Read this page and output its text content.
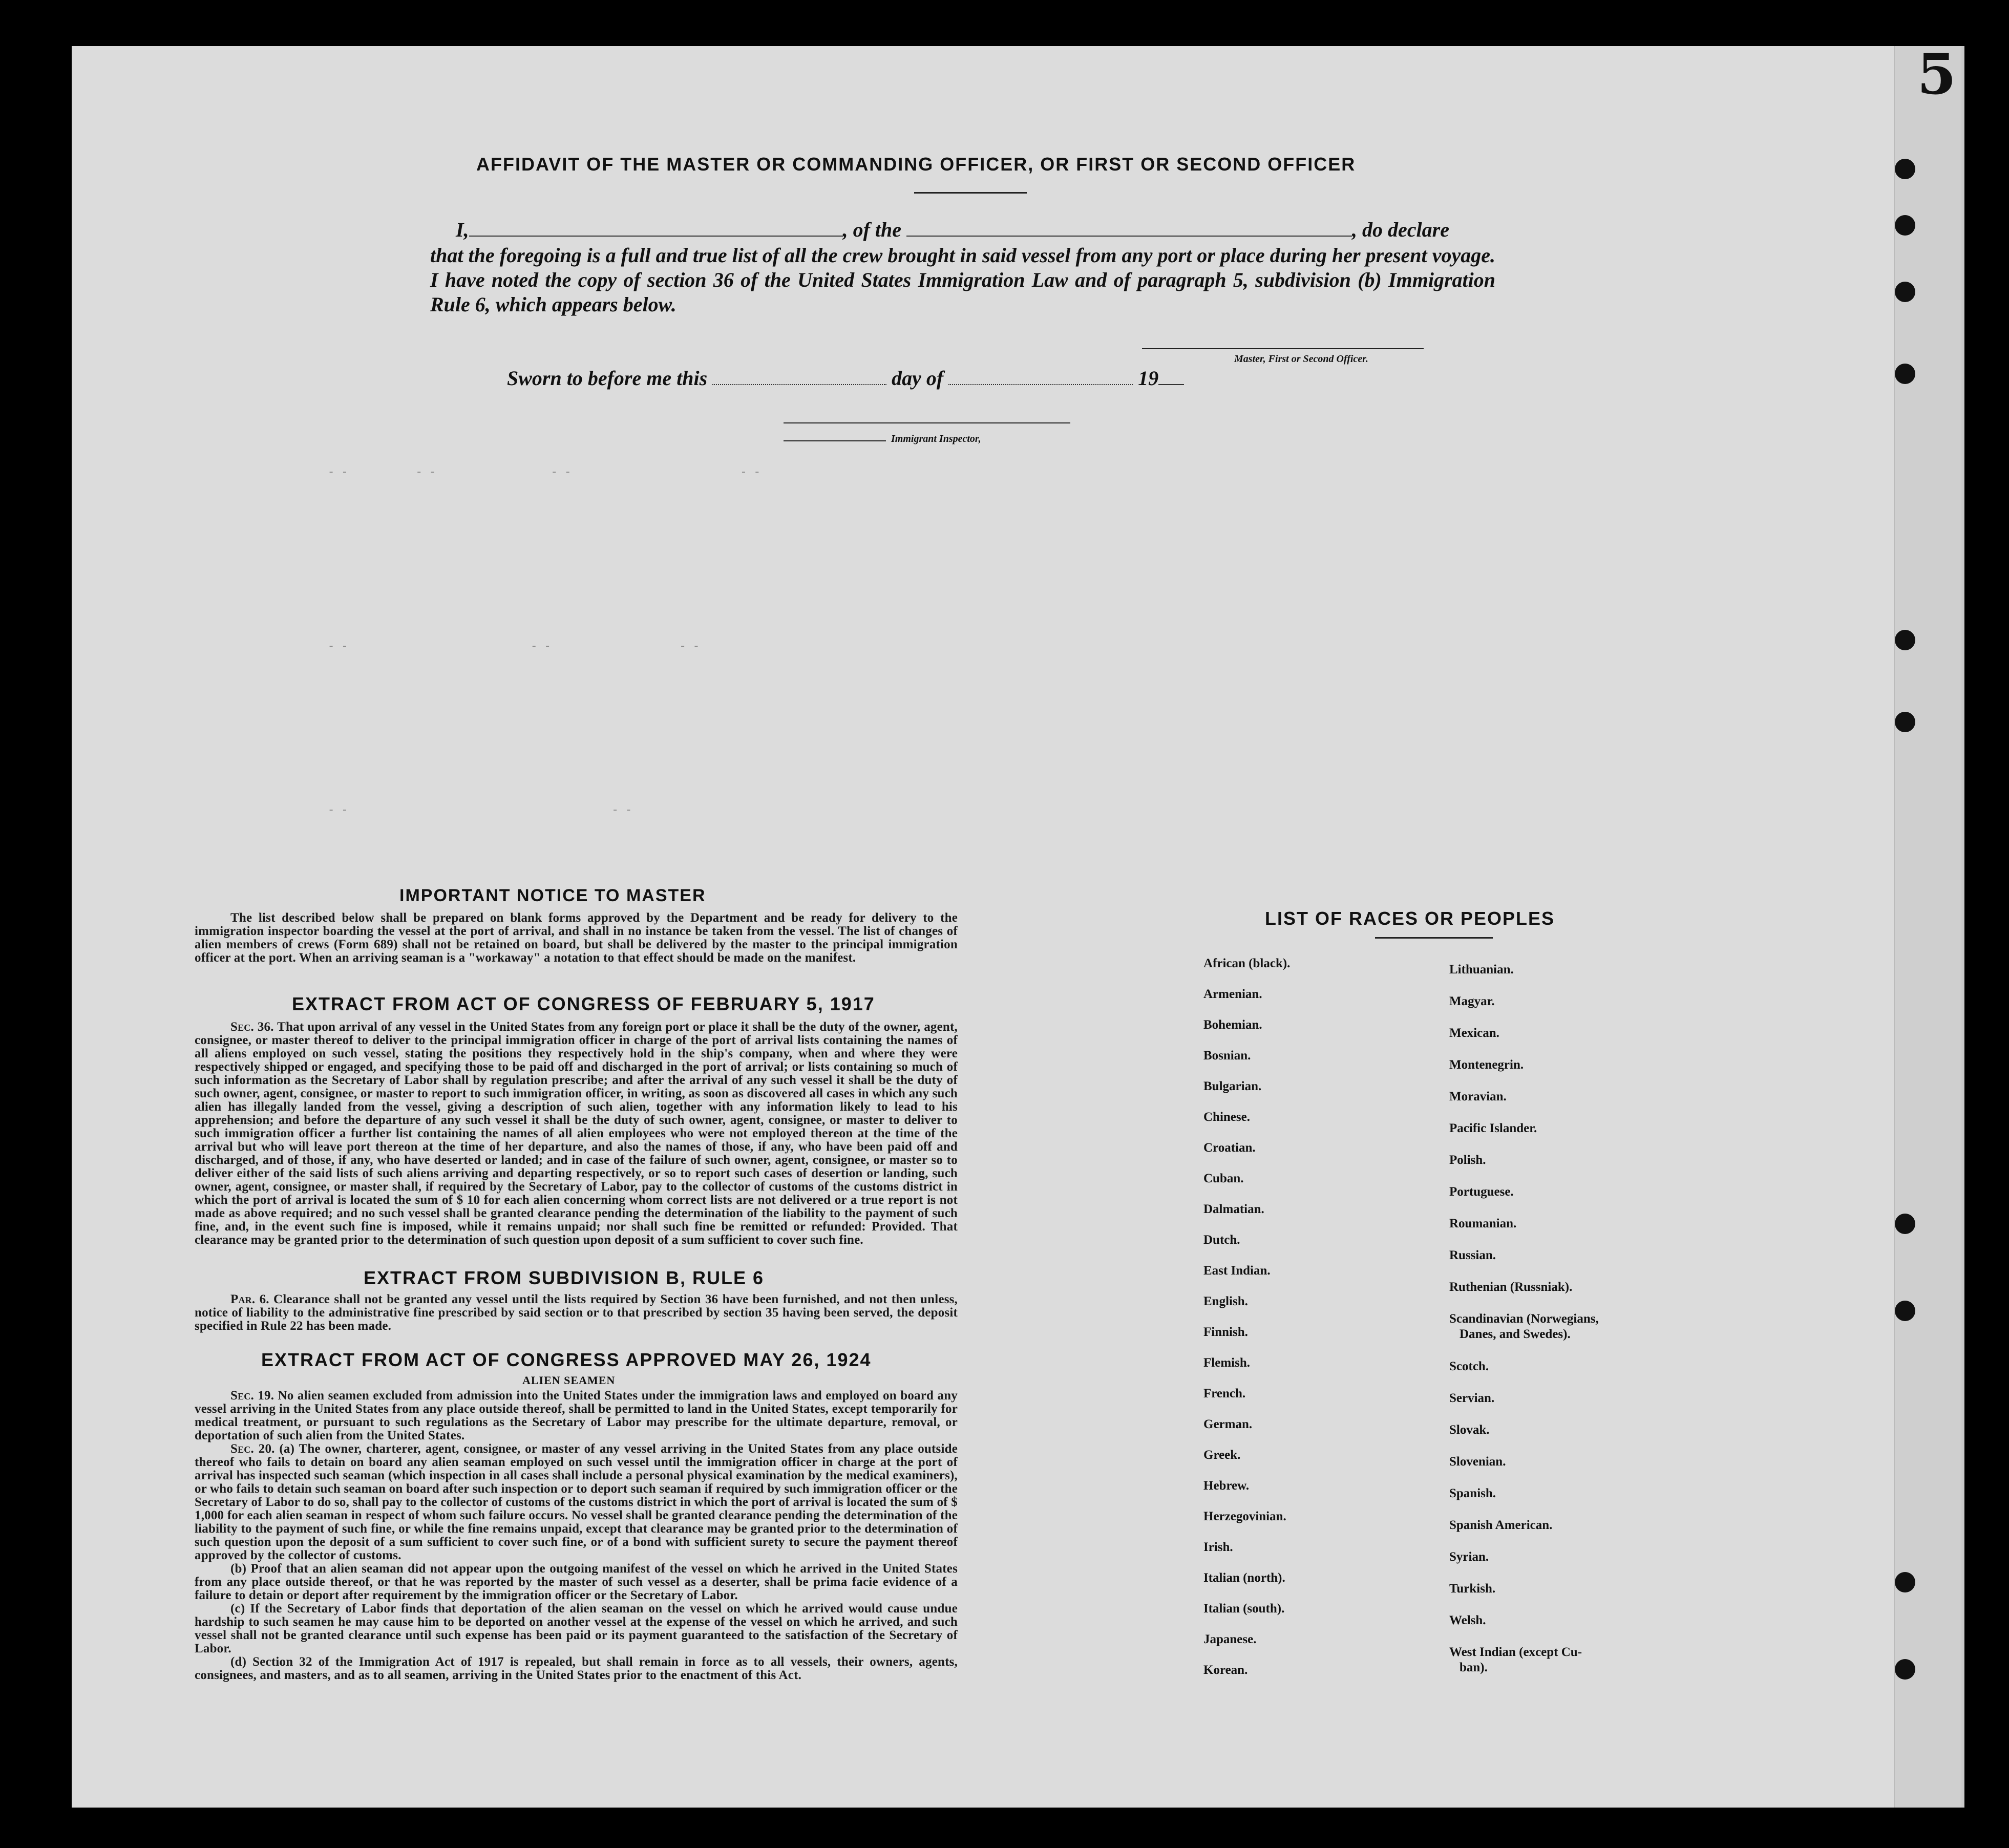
5
- -          - -                 - -                         - -
- -                           - -                   - -
- -                                       - -
AFFIDAVIT OF THE MASTER OR COMMANDING OFFICER, OR FIRST OR SECOND OFFICER
I,	, of the	, do declare
that the foregoing is a full and true list of all the crew brought in said vessel from any port or place during her present voyage. I have noted the copy of section 36 of the United States Immigration Law and of paragraph 5, subdivision (b) Immigration Rule 6, which appears below.
Master, First or Second Officer.
Sworn to before me this	day of	19
Immigrant Inspector,
IMPORTANT NOTICE TO MASTER
The list described below shall be prepared on blank forms approved by the Department and be ready for delivery to the immigration inspector boarding the vessel at the port of arrival, and shall in no instance be taken from the vessel. The list of changes of alien members of crews (Form 689) shall not be retained on board, but shall be delivered by the master to the principal immigration officer at the port. When an arriving seaman is a "workaway" a notation to that effect should be made on the manifest.
EXTRACT FROM ACT OF CONGRESS OF FEBRUARY 5, 1917
Sec. 36. That upon arrival of any vessel in the United States from any foreign port or place it shall be the duty of the owner, agent, consignee, or master thereof to deliver to the principal immigration officer in charge of the port of arrival lists containing the names of all aliens employed on such vessel, stating the positions they respectively hold in the ship's company, when and where they were respectively shipped or engaged, and specifying those to be paid off and discharged in the port of arrival; or lists containing so much of such information as the Secretary of Labor shall by regulation prescribe; and after the arrival of any such vessel it shall be the duty of such owner, agent, consignee, or master to report to such immigration officer, in writing, as soon as discovered all cases in which any such alien has illegally landed from the vessel, giving a description of such alien, together with any information likely to lead to his apprehension; and before the departure of any such vessel it shall be the duty of such owner, agent, consignee, or master to deliver to such immigration officer a further list containing the names of all alien employees who were not employed thereon at the time of the arrival but who will leave port thereon at the time of her departure, and also the names of those, if any, who have been paid off and discharged, and of those, if any, who have deserted or landed; and in case of the failure of such owner, agent, consignee, or master so to deliver either of the said lists of such aliens arriving and departing respectively, or so to report such cases of desertion or landing, such owner, agent, consignee, or master shall, if required by the Secretary of Labor, pay to the collector of customs of the customs district in which the port of arrival is located the sum of $ 10 for each alien concerning whom correct lists are not delivered or a true report is not made as above required; and no such vessel shall be granted clearance pending the determination of the liability to the payment of such fine, and, in the event such fine is imposed, while it remains unpaid; nor shall such fine be remitted or refunded: Provided. That clearance may be granted prior to the determination of such question upon deposit of a sum sufficient to cover such fine.
EXTRACT FROM SUBDIVISION B, RULE 6
Par. 6. Clearance shall not be granted any vessel until the lists required by Section 36 have been furnished, and not then unless, notice of liability to the administrative fine prescribed by said section or to that prescribed by section 35 having been served, the deposit specified in Rule 22 has been made.
EXTRACT FROM ACT OF CONGRESS APPROVED MAY 26, 1924
ALIEN SEAMEN
Sec. 19. No alien seamen excluded from admission into the United States under the immigration laws and employed on board any vessel arriving in the United States from any place outside thereof, shall be permitted to land in the United States, except temporarily for medical treatment, or pursuant to such regulations as the Secretary of Labor may prescribe for the ultimate departure, removal, or deportation of such alien from the United States.
Sec. 20. (a) The owner, charterer, agent, consignee, or master of any vessel arriving in the United States from any place outside thereof who fails to detain on board any alien seaman employed on such vessel until the immigration officer in charge at the port of arrival has inspected such seaman (which inspection in all cases shall include a personal physical examination by the medical examiners), or who fails to detain such seaman on board after such inspection or to deport such seaman if required by such immigration officer or the Secretary of Labor to do so, shall pay to the collector of customs of the customs district in which the port of arrival is located the sum of $ 1,000 for each alien seaman in respect of whom such failure occurs. No vessel shall be granted clearance pending the determination of the liability to the payment of such fine, or while the fine remains unpaid, except that clearance may be granted prior to the determination of such question upon the deposit of a sum sufficient to cover such fine, or of a bond with sufficient surety to secure the payment thereof approved by the collector of customs.
(b) Proof that an alien seaman did not appear upon the outgoing manifest of the vessel on which he arrived in the United States from any place outside thereof, or that he was reported by the master of such vessel as a deserter, shall be prima facie evidence of a failure to detain or deport after requirement by the immigration officer or the Secretary of Labor.
(c) If the Secretary of Labor finds that deportation of the alien seaman on the vessel on which he arrived would cause undue hardship to such seamen he may cause him to be deported on another vessel at the expense of the vessel on which he arrived, and such vessel shall not be granted clearance until such expense has been paid or its payment guaranteed to the satisfaction of the Secretary of Labor.
(d) Section 32 of the Immigration Act of 1917 is repealed, but shall remain in force as to all vessels, their owners, agents, consignees, and masters, and as to all seamen, arriving in the United States prior to the enactment of this Act.
LIST OF RACES OR PEOPLES
African (black).
Armenian.
Bohemian.
Bosnian.
Bulgarian.
Chinese.
Croatian.
Cuban.
Dalmatian.
Dutch.
East Indian.
English.
Finnish.
Flemish.
French.
German.
Greek.
Hebrew.
Herzegovinian.
Irish.
Italian (north).
Italian (south).
Japanese.
Korean.
Lithuanian.
Magyar.
Mexican.
Montenegrin.
Moravian.
Pacific Islander.
Polish.
Portuguese.
Roumanian.
Russian.
Ruthenian (Russniak).
Scandinavian (Norwegians,
Danes, and Swedes).
Scotch.
Servian.
Slovak.
Slovenian.
Spanish.
Spanish American.
Syrian.
Turkish.
Welsh.
West Indian (except Cu-
ban).
